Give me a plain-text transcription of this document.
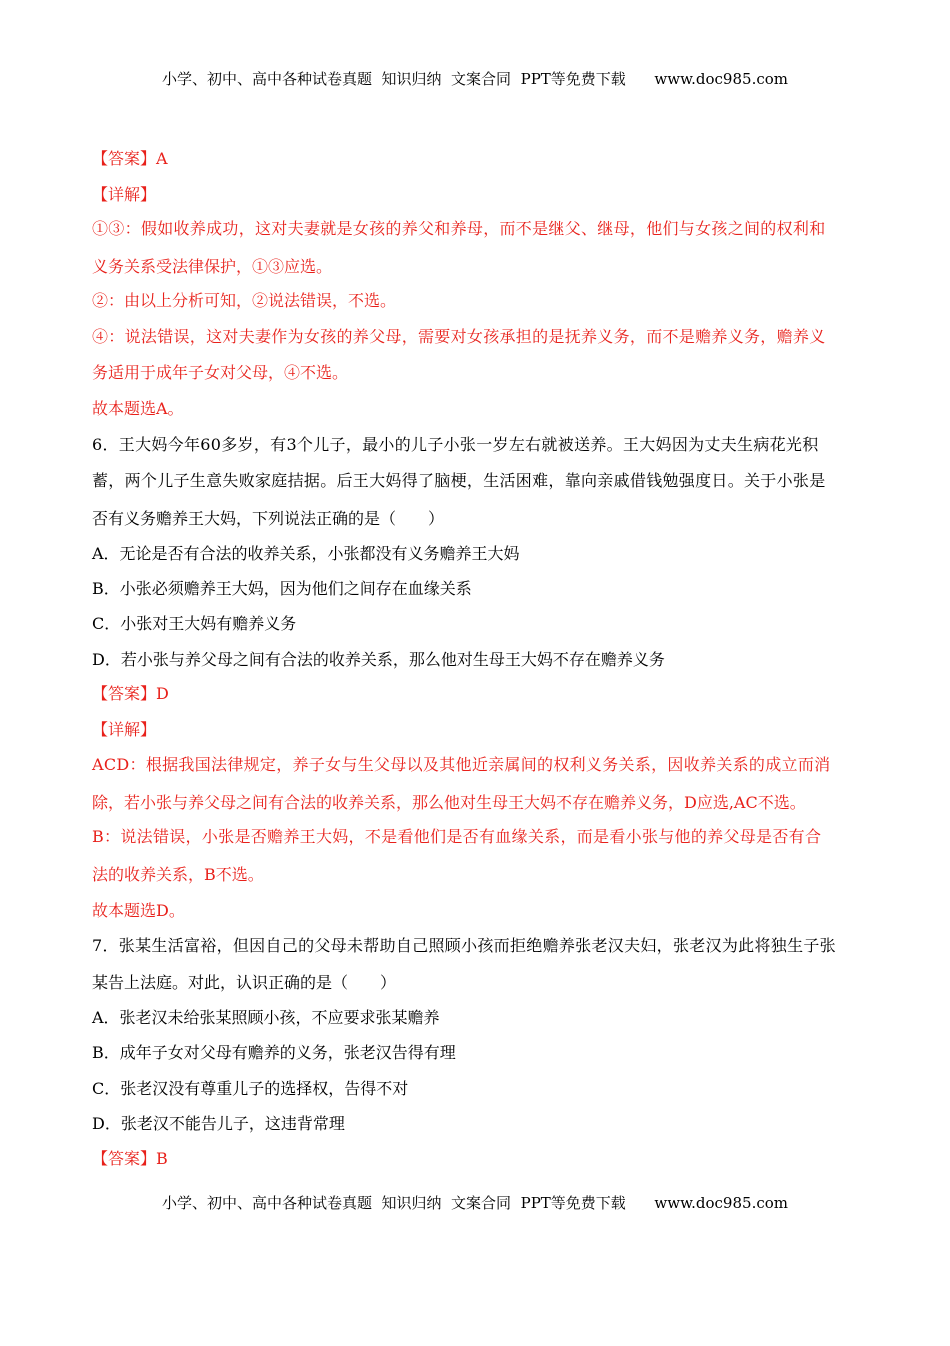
小学、初中、高中各种试卷真题  知识归纳  文案合同  PPT等免费下载      www.doc985.com
【答案】A
【详解】
①③：假如收养成功，这对夫妻就是女孩的养父和养母，而不是继父、继母，他们与女孩之间的权利和
义务关系受法律保护，①③应选。
②：由以上分析可知，②说法错误，不选。
④：说法错误，这对夫妻作为女孩的养父母，需要对女孩承担的是抚养义务，而不是赡养义务，赡养义
务适用于成年子女对父母，④不选。
故本题选A。
6．王大妈今年60多岁，有3个儿子，最小的儿子小张一岁左右就被送养。王大妈因为丈夫生病花光积
蓄，两个儿子生意失败家庭拮据。后王大妈得了脑梗，生活困难，靠向亲戚借钱勉强度日。关于小张是
否有义务赡养王大妈，下列说法正确的是（　　）
A．无论是否有合法的收养关系，小张都没有义务赡养王大妈
B．小张必须赡养王大妈，因为他们之间存在血缘关系
C．小张对王大妈有赡养义务
D．若小张与养父母之间有合法的收养关系，那么他对生母王大妈不存在赡养义务
【答案】D
【详解】
ACD：根据我国法律规定，养子女与生父母以及其他近亲属间的权利义务关系，因收养关系的成立而消
除，若小张与养父母之间有合法的收养关系，那么他对生母王大妈不存在赡养义务，D应选,AC不选。
B：说法错误，小张是否赡养王大妈，不是看他们是否有血缘关系，而是看小张与他的养父母是否有合
法的收养关系，B不选。
故本题选D。
7．张某生活富裕，但因自己的父母未帮助自己照顾小孩而拒绝赡养张老汉夫妇，张老汉为此将独生子张
某告上法庭。对此，认识正确的是（　　）
A．张老汉未给张某照顾小孩，不应要求张某赡养
B．成年子女对父母有赡养的义务，张老汉告得有理
C．张老汉没有尊重儿子的选择权，告得不对
D．张老汉不能告儿子，这违背常理
【答案】B
小学、初中、高中各种试卷真题  知识归纳  文案合同  PPT等免费下载      www.doc985.com
